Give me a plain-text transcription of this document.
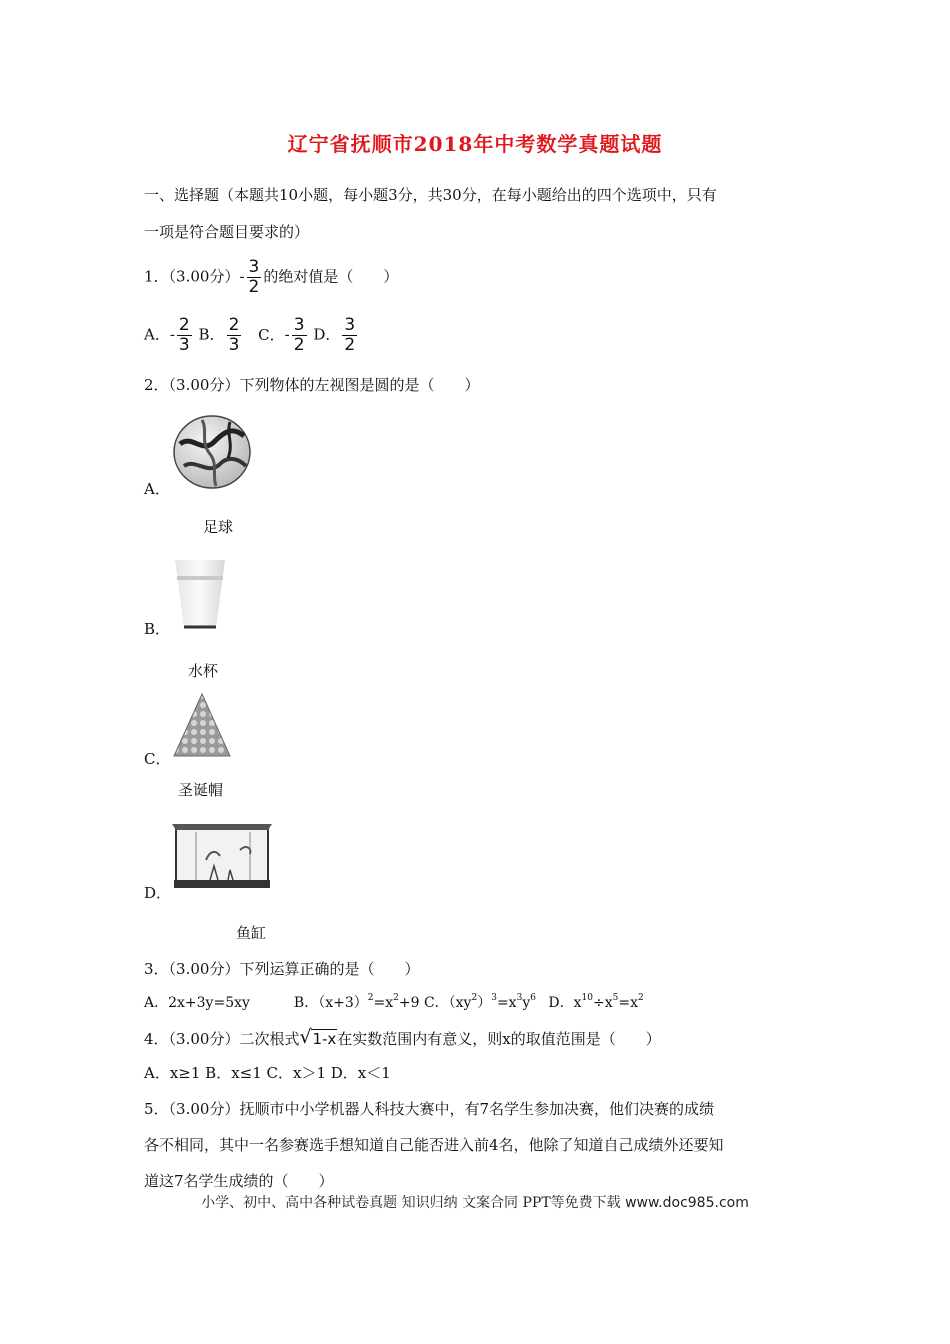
辽宁省抚顺市2018年中考数学真题试题
一、选择题（本题共10小题，每小题3分，共30分，在每小题给出的四个选项中，只有
一项是符合题目要求的）
1．（3.00分）- $\frac{3}{2}$ 的绝对值是（　　）
A．- $\frac{2}{3}$ B． $\frac{2}{3}$ C．- $\frac{3}{2}$ D． $\frac{3}{2}$
2．（3.00分）下列物体的左视图是圆的是（　　）
A．
足球
B．
水杯
C．
圣诞帽
D．
鱼缸
3．（3.00分）下列运算正确的是（　　）
A．2x+3y=5xy	B．$(x+3)^2=x^2+9$ C．$(xy^2)^3=x^3y^6$ D．$x^{10}\div x^5=x^2$
4．（3.00分）二次根式 √ 1-x在实数范围内有意义，则x的取值范围是（　　）
A．x≥1 B．x≤1 C．x＞1 D．x＜1
5．（3.00分）抚顺市中小学机器人科技大赛中，有7名学生参加决赛，他们决赛的成绩
各不相同，其中一名参赛选手想知道自己能否进入前4名，他除了知道自己成绩外还要知
道这7名学生成绩的（　　）
小学、初中、高中各种试卷真题 知识归纳 文案合同 PPT等免费下载 www.doc985.com
